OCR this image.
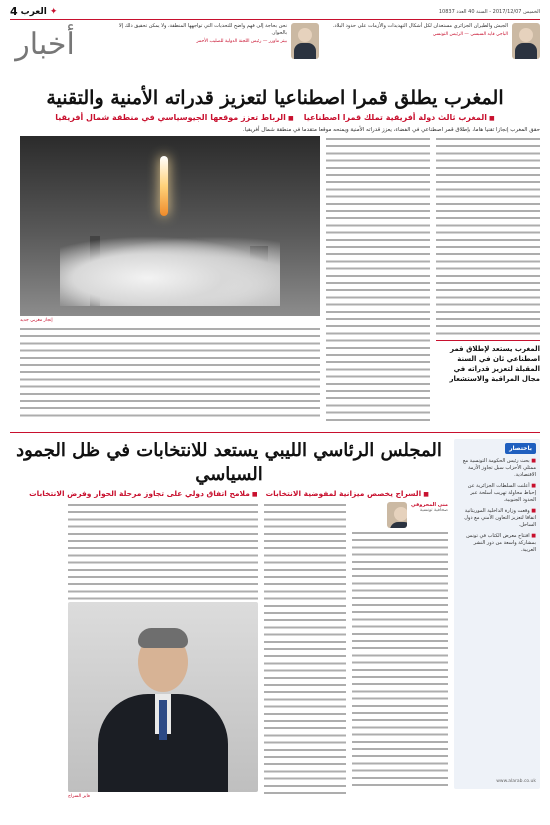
الخميس 2017/12/07 - السنة 40 العدد 10837
✦
العرب
4
الجيش والطيران الجزائري مستعدان لكل أشكال التهديدات والأزمات على حدود البلاد.
الباجي قايد السبسي — الرئيس التونسي
نحن بحاجة إلى فهم واضح للتحديات التي تواجهها المنطقة، ولا يمكن تحقيق ذلك إلا بالحوار.
بيتر ماورر — رئيس اللجنة الدولية للصليب الأحمر
أخبار
المغرب يطلق قمرا اصطناعيا لتعزيز قدراته الأمنية والتقنية
■ المغرب ثالث دولة أفريقية تملك قمرا اصطناعيا
■ الرباط تعزز موقعها الجيوسياسي في منطقة شمال أفريقيا

حقق المغرب إنجازا تقنيا هاما، بإطلاق قمر اصطناعي في الفضاء، يعزز قدراته الأمنية ويمنحه موقعا متقدما في منطقة شمال أفريقيا.

المغرب يستعد لإطلاق قمر اصطناعي ثان في السنة المقبلة لتعزيز قدراته في مجال المراقبة والاستشعار
إنجاز مغربي جديد
باختصار
■ بحث رئيس الحكومة التونسية مع ممثلي الأحزاب سبل تجاوز الأزمة الاقتصادية.
■ أعلنت السلطات الجزائرية عن إحباط محاولة تهريب أسلحة عبر الحدود الجنوبية.
■ وقعت وزارة الداخلية الموريتانية اتفاقا لتعزيز التعاون الأمني مع دول الساحل.
■ افتتاح معرض الكتاب في تونس بمشاركة واسعة من دور النشر العربية.
www.alarab.co.uk
المجلس الرئاسي الليبي يستعد للانتخابات في ظل الجمود السياسي
■ السراج يخصص ميزانية لمفوضية الانتخابات
■ ملامح اتفاق دولي على تجاوز مرحلة الحوار وفرض الانتخابات
منى المحروقي
صحافية تونسية
فايز السراج
